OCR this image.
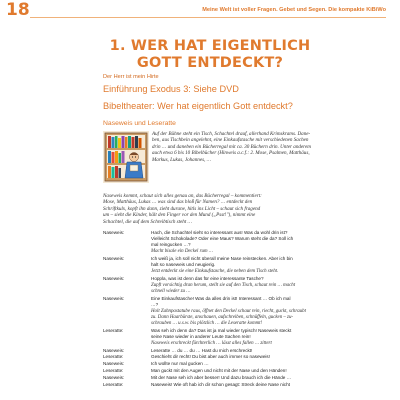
18	Meine Welt ist voller Fragen. Gebet und Segen. Die kompakte KiBiWo
1. WER HAT EIGENTLICH
GOTT ENTDECKT?
Der Herr ist mein Hirte
Einführung Exodus 3: Siehe DVD
Bibeltheater: Wer hat eigentlich Gott entdeckt?
Naseweis und Leseratte
Auf der Bühne steht ein Tisch, Schachtel drauf, allerhand Krimskrams. Dane-
ben, aus Tischbein angelehnt, eine Einkaufstasche mit verschiedenen Sachen
drin … und daneben ein Bücherregal mit ca. 30 Büchern drin. Unter anderem
auch etwa 6 bis 10 Bibelbücher (Hinweis a.c.f.: 2. Mose, Psalmen, Matthäus,
Markus, Lukas, Johannes, …
Naseweis kommt, schaut sich alles genau an, das Bücherregal – kommentiert:
Mose, Matthäus, Lukas … was sind das bloß für Namen? … entdeckt den
Schriftkulx, kopft ihn dann, zieht durane, hitls ins Licht – schaut sich fragend
um – sieht die Kinder, hält den Finger vor den Mund („Psst!"), nimmt eine
Schachtel, die auf dem Schreibtisch steht …
Naseweis:	Hach, die Schachtel sieht so interessant aus! Was da wohl drin ist?
Vielleicht Schokolade? Oder eine Maus? Warum steht die da? Soll ich
mal reingucken …?
Macht bisale ein Deckel rum …
Naseweis:	Ich weiß ja, ich soll nicht überall meine Nase reinstecken. Aber ich bin
halt so naseweis und neugierig.
Jetzt entdeckt sie eine Einkaufstasche, die neben dem Tisch steht.
Naseweis:	Hoppla, was ist denn das für eine interessante Tasche?
Zupft vorsichtig dran herum, stellt sie auf den Tisch, schaut rein … macht
schnell wieder zu …
Naseweis:	Eine Einkaufstasche! Was da alles drin ist! Interessant … Ob ich mal
…?
Holt Zahnpastatube raus, öffnet den Deckel schaut rein, riecht, guckt, schraubt
zu. Dann Haarbürste, anschauen, aufschreiben, schnüffeln, gucken – zu-
schrauben … u.s.w. bis plötzlich … die Leseratte kommt!
Leseratte:	Was seh ich denn da? Das ist ja mal wieder typisch! Naseweis steckt
seine Nase wieder in anderer Leute Sachen rein!
Naseweis erschreckt fürchterlich … lässt alles fallen … zittert
Naseweis:	Leseratte … du … du … Hast du mich erschreckt!
Leseratte:	Geschieht dir recht! Du bist aber auch immer so naseweis!
Naseweis:	Ich wollte nur mal gucken …
Leseratte:	Man guckt mit den Augen und nicht mit der Nase und den Händen!
Naseweis:	Mit der Nase seh ich aber besser! Und dazu brauch ich die Hände …
Leseratte:	Naseweis! Wie oft hab ich dir schon gesagt: Streck deine Nase nicht
